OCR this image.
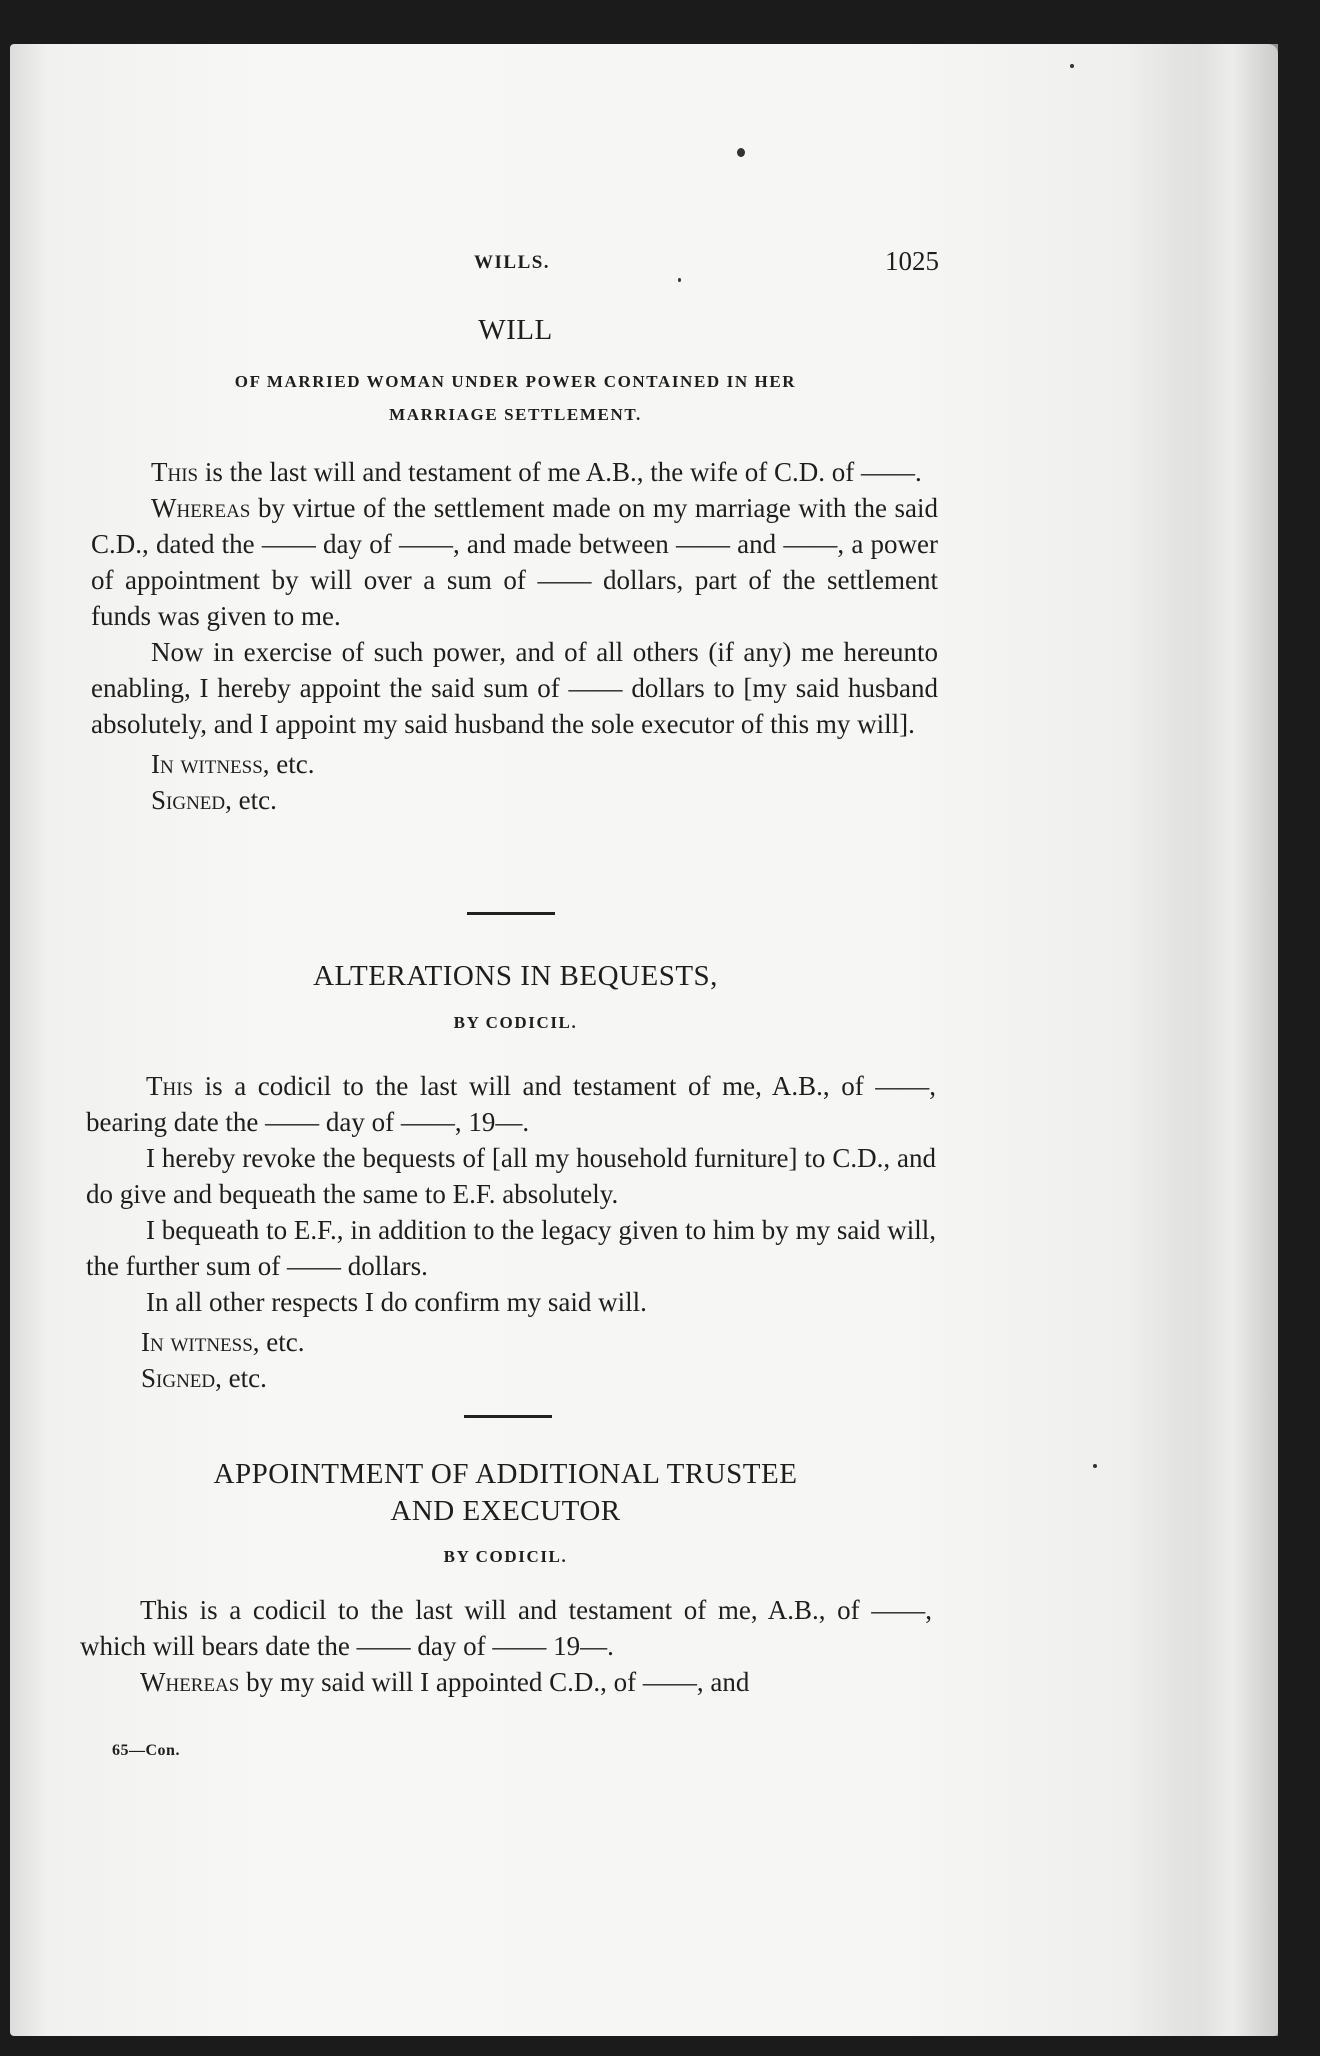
WILLS.	1025
WILL
OF MARRIED WOMAN UNDER POWER CONTAINED IN HER
MARRIAGE SETTLEMENT.

This is the last will and testament of me A.B., the wife of C.D. of ——.

Whereas by virtue of the settlement made on my marriage with the said C.D., dated the —— day of ——, and made between —— and ——, a power of appointment by will over a sum of —— dollars, part of the settlement funds was given to me.

Now in exercise of such power, and of all others (if any) me hereunto enabling, I hereby appoint the said sum of —— dollars to [my said husband absolutely, and I appoint my said husband the sole executor of this my will].

In witness, etc.
Signed, etc.
ALTERATIONS IN BEQUESTS,
BY CODICIL.

This is a codicil to the last will and testament of me, A.B., of ——, bearing date the —— day of ——, 19—.

I hereby revoke the bequests of [all my household furniture] to C.D., and do give and bequeath the same to E.F. absolutely.

I bequeath to E.F., in addition to the legacy given to him by my said will, the further sum of —— dollars.

In all other respects I do confirm my said will.

In witness, etc.
Signed, etc.
APPOINTMENT OF ADDITIONAL TRUSTEE
AND EXECUTOR
BY CODICIL.

This is a codicil to the last will and testament of me, A.B., of ——, which will bears date the —— day of —— 19—.

Whereas by my said will I appointed C.D., of ——, and

65—Con.
